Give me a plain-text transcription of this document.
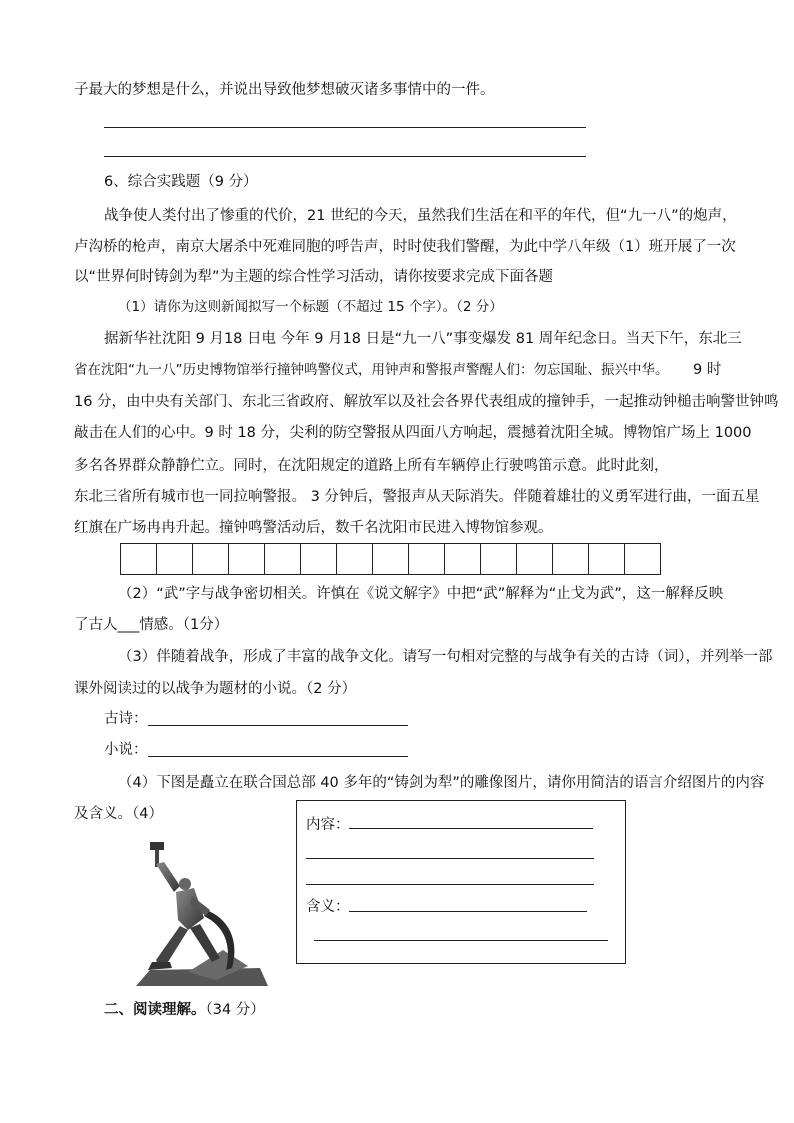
子最大的梦想是什么，并说出导致他梦想破灭诸多事情中的一件。
6、综合实践题（9 分）
战争使人类付出了惨重的代价，21 世纪的今天，虽然我们生活在和平的年代，但“九一八”的炮声，
卢沟桥的枪声，南京大屠杀中死难同胞的呼告声，时时使我们警醒，为此中学八年级（1）班开展了一次
以“世界何时铸剑为犁”为主题的综合性学习活动，请你按要求完成下面各题
（1）请你为这则新闻拟写一个标题（不超过 15 个字）。（2 分）
据新华社沈阳 9 月18 日电 今年 9 月18 日是“九一八”事变爆发 81 周年纪念日。当天下午，东北三
省在沈阳“九一八”历史博物馆举行撞钟鸣警仪式，用钟声和警报声警醒人们：勿忘国耻、振兴中华。 9 时
16 分，由中央有关部门、东北三省政府、解放军以及社会各界代表组成的撞钟手，一起推动钟槌击响警世钟鸣
敲击在人们的心中。9 时 18 分，尖利的防空警报从四面八方响起，震撼着沈阳全城。博物馆广场上 1000
多名各界群众静静伫立。同时，在沈阳规定的道路上所有车辆停止行驶鸣笛示意。此时此刻，
东北三省所有城市也一同拉响警报。 3 分钟后，警报声从天际消失。伴随着雄壮的义勇军进行曲，一面五星
红旗在广场冉冉升起。撞钟鸣警活动后，数千名沈阳市民进入博物馆参观。
（2）“武”字与战争密切相关。许慎在《说文解字》中把“武”解释为“止戈为武”，这一解释反映
了古人___情感。（1分）
（3）伴随着战争，形成了丰富的战争文化。请写一句相对完整的与战争有关的古诗（词），并列举一部
课外阅读过的以战争为题材的小说。（2 分）
古诗：
小说：
（4）下图是矗立在联合国总部 40 多年的“铸剑为犁”的雕像图片，请你用简洁的语言介绍图片的内容
及含义。（4）
内容：
含义：
二、阅读理解。（34 分）
